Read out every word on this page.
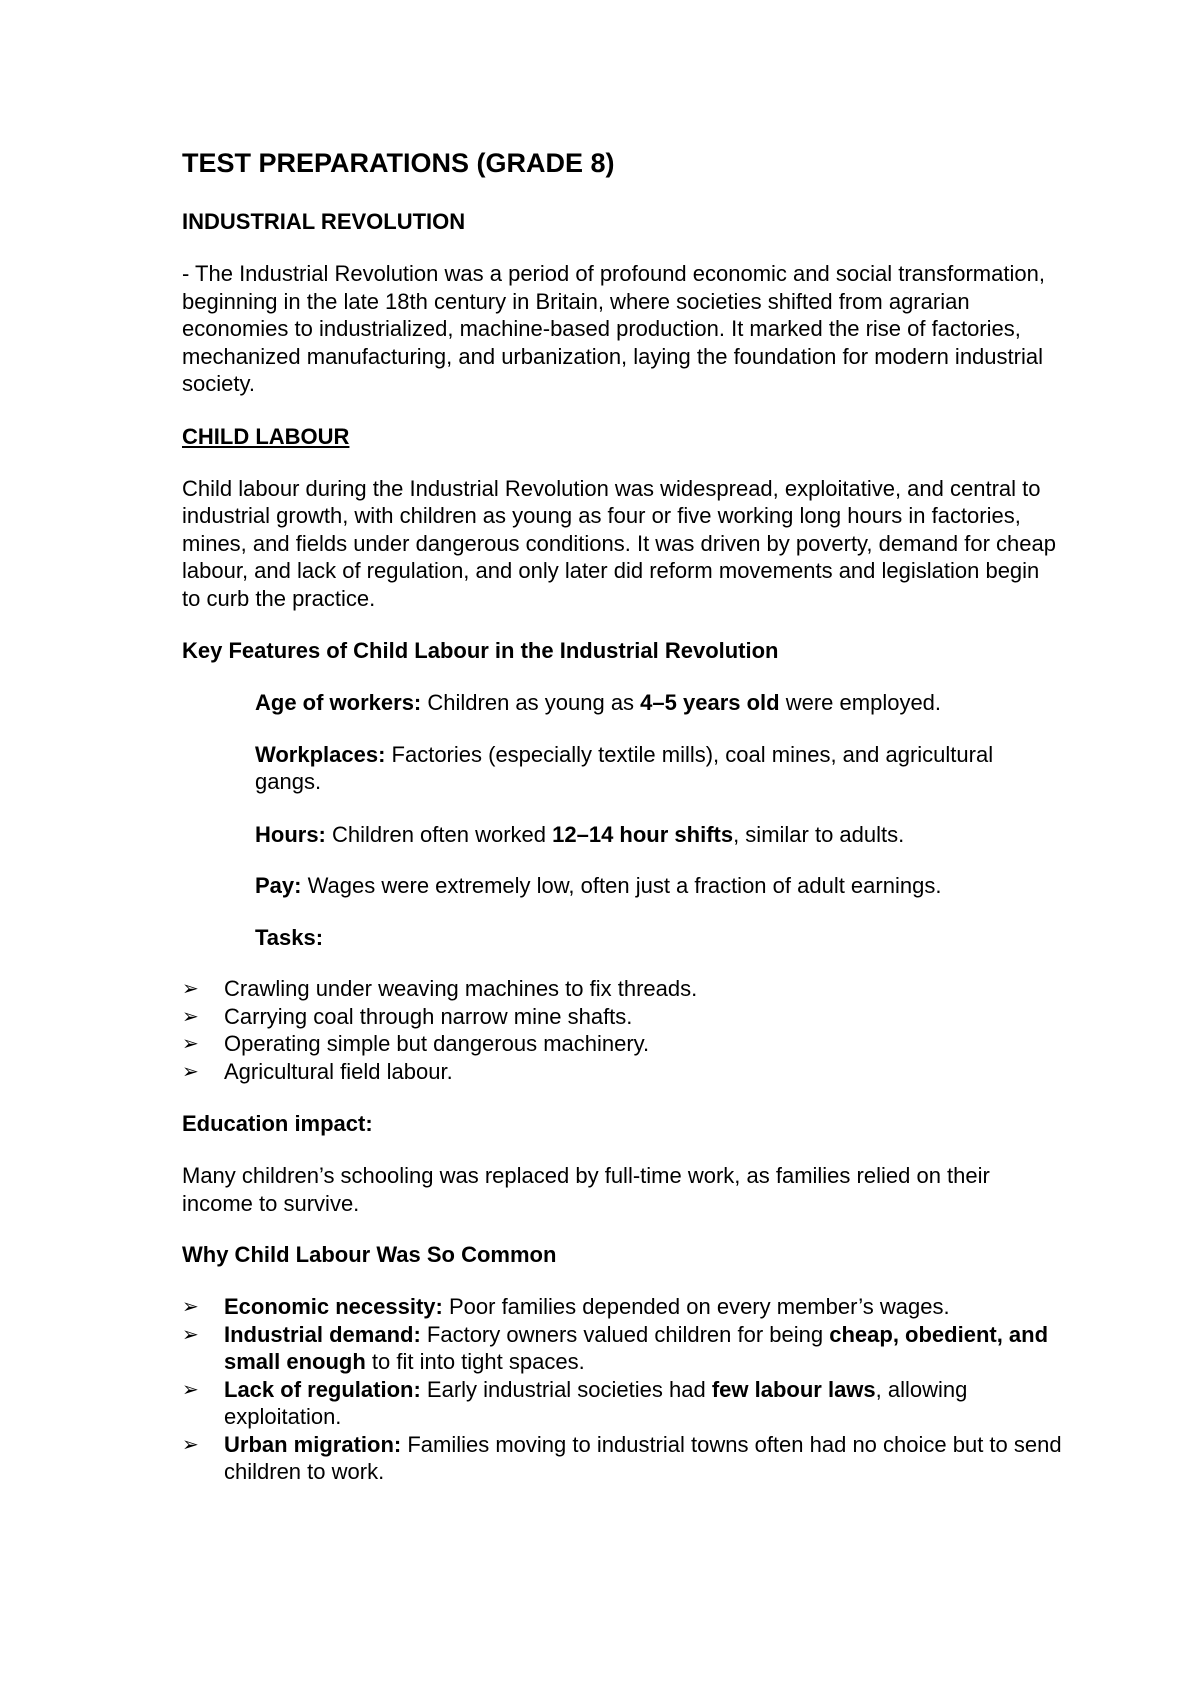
TEST PREPARATIONS (GRADE 8)
INDUSTRIAL REVOLUTION

- The Industrial Revolution was a period of profound economic and social transformation, beginning in the late 18th century in Britain, where societies shifted from agrarian economies to industrialized, machine-based production. It marked the rise of factories, mechanized manufacturing, and urbanization, laying the foundation for modern industrial society.

CHILD LABOUR

Child labour during the Industrial Revolution was widespread, exploitative, and central to industrial growth, with children as young as four or five working long hours in factories, mines, and fields under dangerous conditions. It was driven by poverty, demand for cheap labour, and lack of regulation, and only later did reform movements and legislation begin to curb the practice.

Key Features of Child Labour in the Industrial Revolution

Age of workers: Children as young as 4–5 years old were employed.

Workplaces: Factories (especially textile mills), coal mines, and agricultural gangs.

Hours: Children often worked 12–14 hour shifts, similar to adults.

Pay: Wages were extremely low, often just a fraction of adult earnings.

Tasks:

➢ Crawling under weaving machines to fix threads.
➢ Carrying coal through narrow mine shafts.
➢ Operating simple but dangerous machinery.
➢ Agricultural field labour.
Education impact:

Many children’s schooling was replaced by full-time work, as families relied on their income to survive.

Why Child Labour Was So Common
➢ Economic necessity: Poor families depended on every member’s wages.
➢ Industrial demand: Factory owners valued children for being cheap, obedient, and small enough to fit into tight spaces.
➢ Lack of regulation: Early industrial societies had few labour laws, allowing exploitation.
➢ Urban migration: Families moving to industrial towns often had no choice but to send children to work.
